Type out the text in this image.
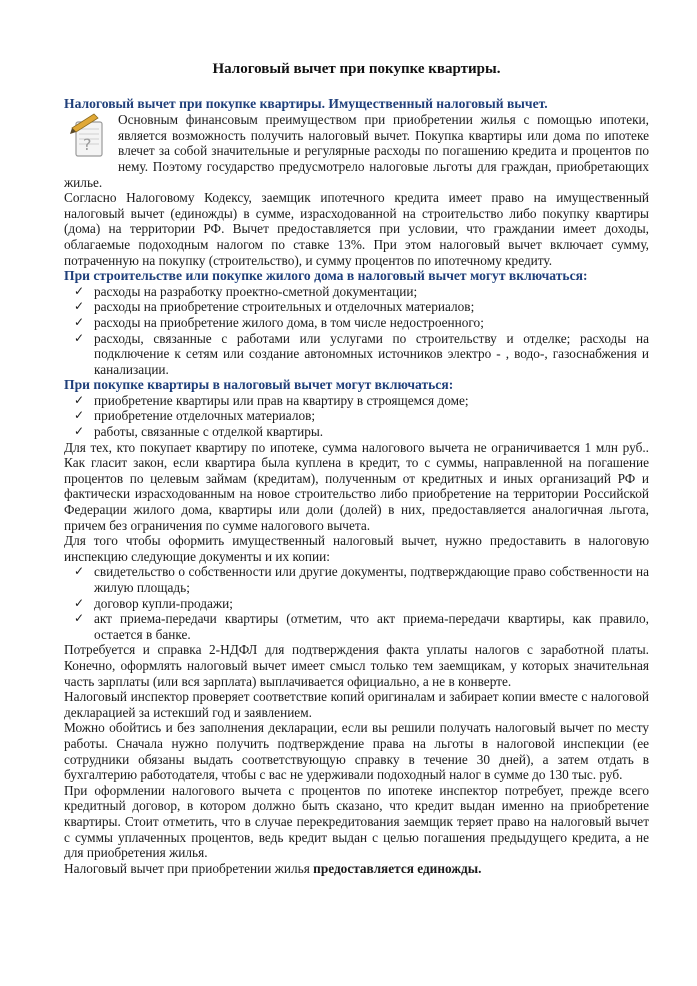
Налоговый вычет при покупке квартиры.
Налоговый вычет при покупке квартиры. Имущественный налоговый вычет.
?

Основным финансовым преимуществом при приобретении жилья с помощью ипотеки, является возможность получить налоговый вычет. Покупка квартиры или дома по ипотеке влечет за собой значительные и регулярные расходы по погашению кредита и процентов по нему. Поэтому государство предусмотрело налоговые льготы для граждан, приобретающих жилье.

Согласно Налоговому Кодексу, заемщик ипотечного кредита имеет право на имущественный налоговый вычет (единожды) в сумме, израсходованной на строительство либо покупку квартиры (дома) на территории РФ. Вычет предоставляется при условии, что граждании имеет доходы, облагаемые подоходным налогом по ставке 13%. При этом налоговый вычет включает сумму, потраченную на покупку (строительство), и сумму процентов по ипотечному кредиту.

При строительстве или покупке жилого дома в налоговый вычет могут включаться:
✓ расходы на разработку проектно-сметной документации;
✓ расходы на приобретение строительных и отделочных материалов;
✓ расходы на приобретение жилого дома, в том числе недостроенного;
✓ расходы, связанные с работами или услугами по строительству и отделке; расходы на подключение к сетям или создание автономных источников электро - , водо-, газоснабжения и канализации.
При покупке квартиры в налоговый вычет могут включаться:
✓ приобретение квартиры или прав на квартиру в строящемся доме;
✓ приобретение отделочных материалов;
✓ работы, связанные с отделкой квартиры.

Для тех, кто покупает квартиру по ипотеке, сумма налогового вычета не ограничивается 1 млн руб.. Как гласит закон, если квартира была куплена в кредит, то с суммы, направленной на погашение процентов по целевым займам (кредитам), полученным от кредитных и иных организаций РФ и фактически израсходованным на новое строительство либо приобретение на территории Российской Федерации жилого дома, квартиры или доли (долей) в них, предоставляется аналогичная льгота, причем без ограничения по сумме налогового вычета.

Для того чтобы оформить имущественный налоговый вычет, нужно предоставить в налоговую инспекцию следующие документы и их копии:

✓ свидетельство о собственности или другие документы, подтверждающие право собственности на жилую площадь;
✓ договор купли-продажи;
✓ акт приема-передачи квартиры (отметим, что акт приема-передачи квартиры, как правило, остается в банке.

Потребуется и справка 2-НДФЛ для подтверждения факта уплаты налогов с заработной платы. Конечно, оформлять налоговый вычет имеет смысл только тем заемщикам, у которых значительная часть зарплаты (или вся зарплата) выплачивается официально, а не в конверте.

Налоговый инспектор проверяет соответствие копий оригиналам и забирает копии вместе с налоговой декларацией за истекший год и заявлением.

Можно обойтись и без заполнения декларации, если вы решили получать налоговый вычет по месту работы. Сначала нужно получить подтверждение права на льготы в налоговой инспекции (ее сотрудники обязаны выдать соответствующую справку в течение 30 дней), а затем отдать в бухгалтерию работодателя, чтобы с вас не удерживали подоходный налог в сумме до 130 тыс. руб.

При оформлении налогового вычета с процентов по ипотеке инспектор потребует, прежде всего кредитный договор, в котором должно быть сказано, что кредит выдан именно на приобретение квартиры. Стоит отметить, что в случае перекредитования заемщик теряет право на налоговый вычет с суммы уплаченных процентов, ведь кредит выдан с целью погашения предыдущего кредита, а не для приобретения жилья.

Налоговый вычет при приобретении жилья предоставляется единожды.
